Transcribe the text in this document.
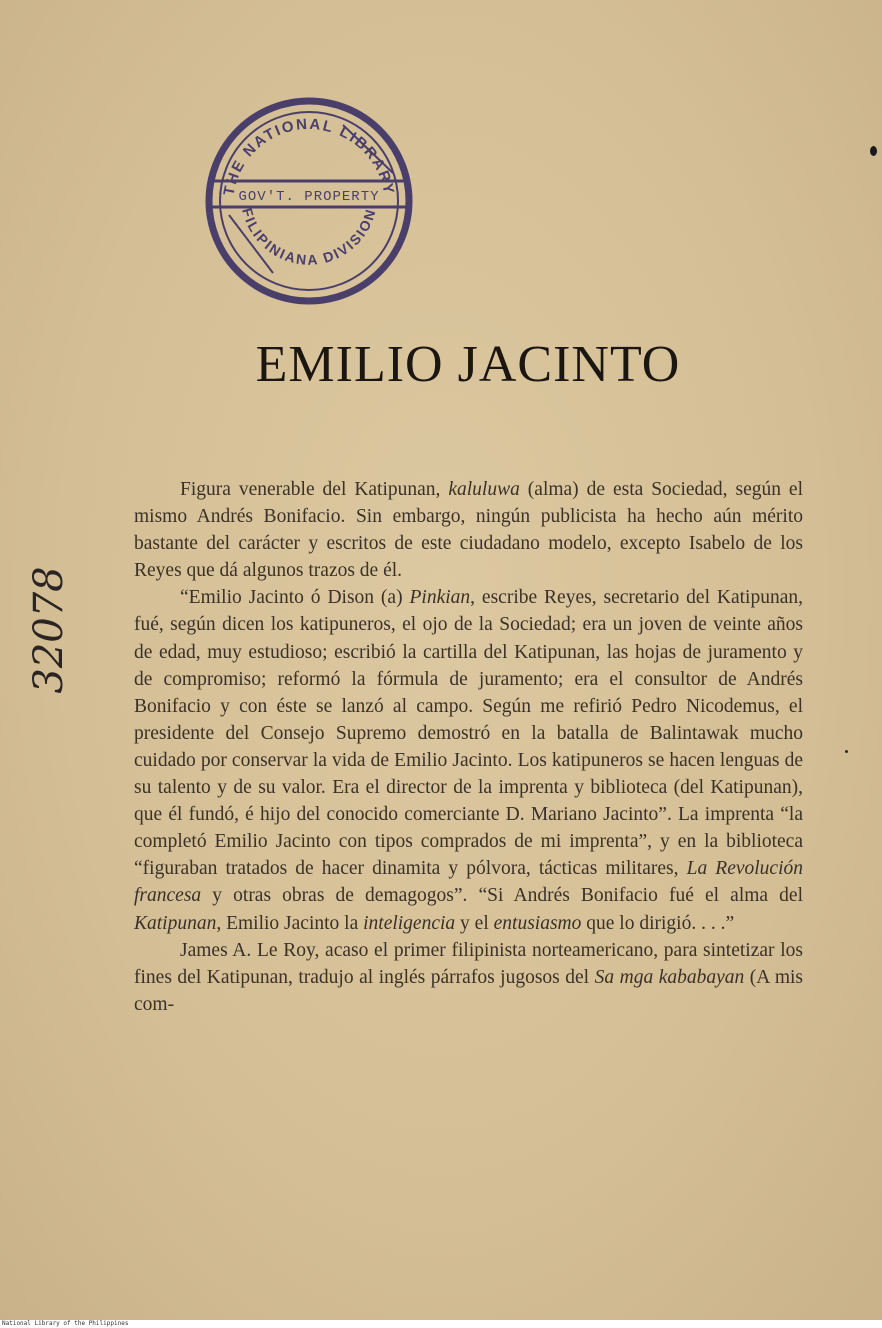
THE NATIONAL LIBRARY
GOV'T. PROPERTY
FILIPINIANA DIVISION
32078
EMILIO JACINTO

Figura venerable del Katipunan, kaluluwa (alma) de esta Sociedad, según el mismo Andrés Bonifacio. Sin embargo, ningún publicista ha hecho aún mérito bastante del carácter y escritos de este ciudadano modelo, excepto Isabelo de los Reyes que dá algunos trazos de él.

“Emilio Jacinto ó Dison (a) Pinkian, escribe Reyes, secretario del Katipunan, fué, según dicen los katipuneros, el ojo de la Sociedad; era un joven de veinte años de edad, muy estudioso; escribió la cartilla del Katipunan, las hojas de juramento y de compromiso; reformó la fórmula de juramento; era el consultor de Andrés Bonifacio y con éste se lanzó al campo. Según me refirió Pedro Nicodemus, el presidente del Consejo Supremo demostró en la batalla de Balintawak mucho cuidado por conservar la vida de Emilio Jacinto. Los katipuneros se hacen lenguas de su talento y de su valor. Era el director de la imprenta y biblioteca (del Katipunan), que él fundó, é hijo del conocido comerciante D. Mariano Jacinto”. La imprenta “la completó Emilio Jacinto con tipos comprados de mi imprenta”, y en la biblioteca “figuraban tratados de hacer dinamita y pólvora, tácticas militares, La Revolución francesa y otras obras de demagogos”. “Si Andrés Bonifacio fué el alma del Katipunan, Emilio Jacinto la inteligencia y el entusiasmo que lo dirigió. . . .”

James A. Le Roy, acaso el primer filipinista norteamericano, para sintetizar los fines del Katipunan, tradujo al inglés párrafos jugosos del Sa mga kababayan (A mis com-

National Library of the Philippines
